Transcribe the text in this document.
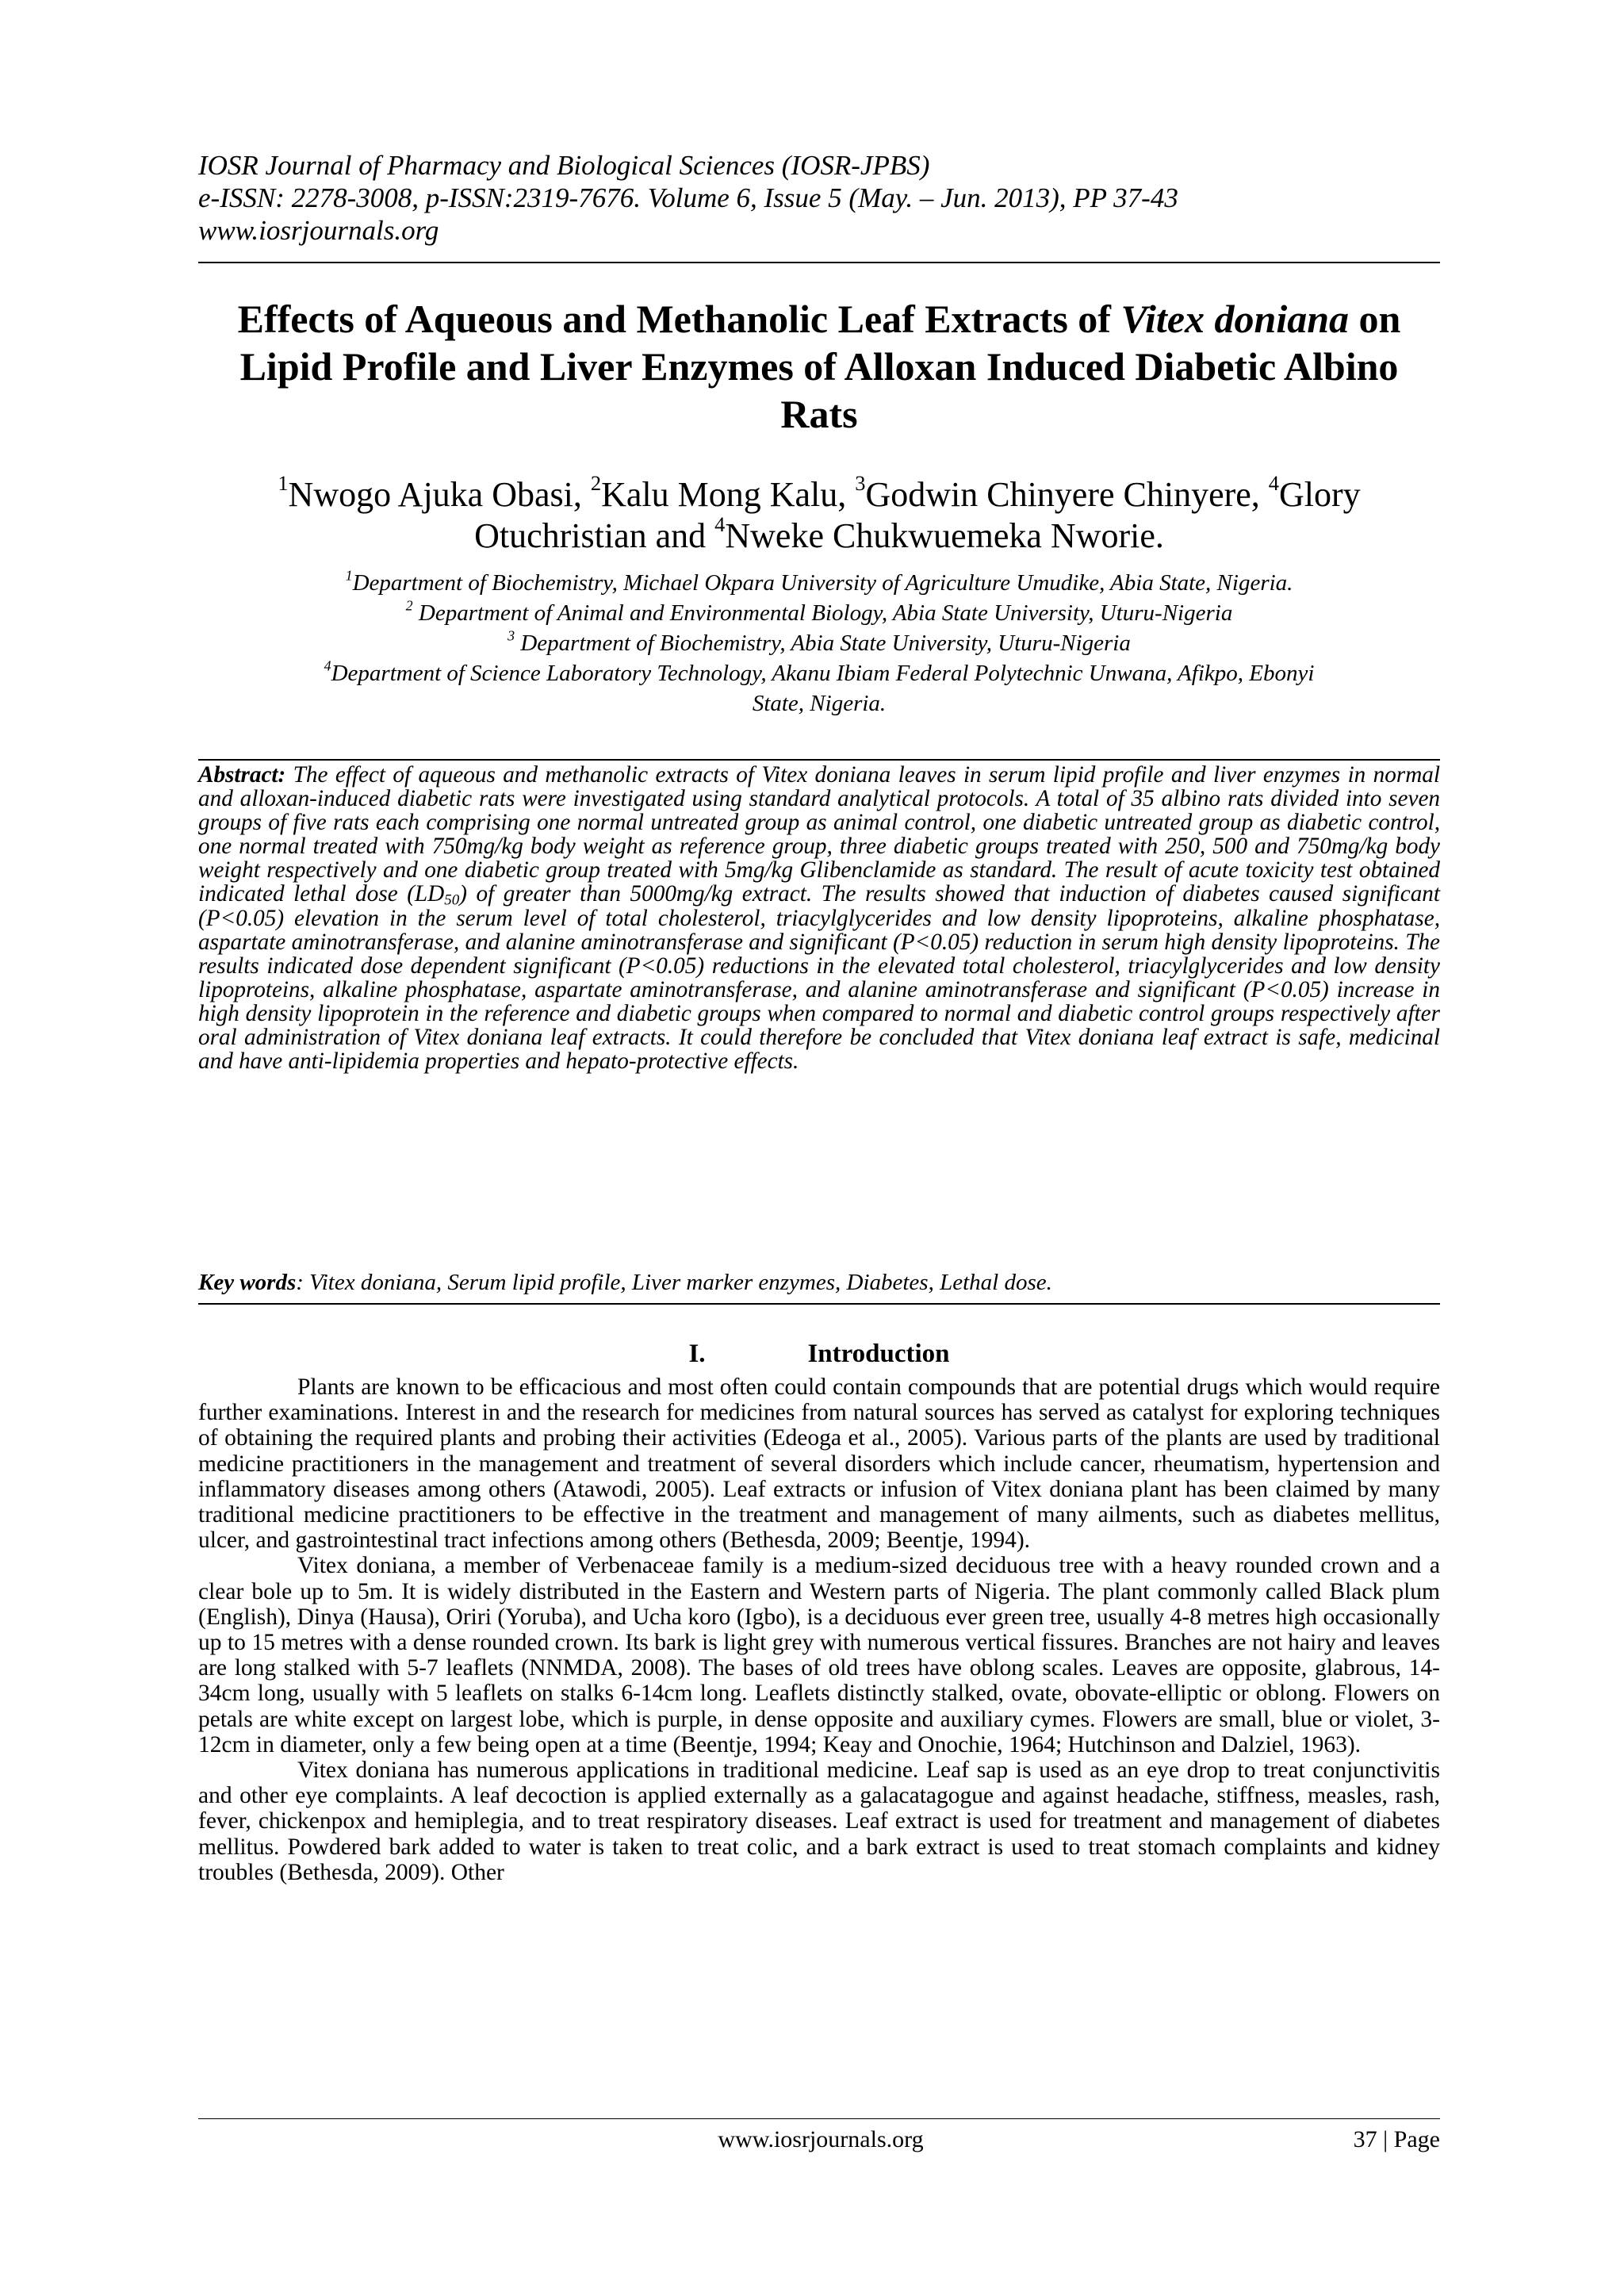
IOSR Journal of Pharmacy and Biological Sciences (IOSR-JPBS)
e-ISSN: 2278-3008, p-ISSN:2319-7676. Volume 6, Issue 5 (May. – Jun. 2013), PP 37-43
www.iosrjournals.org
Effects of Aqueous and Methanolic Leaf Extracts of Vitex doniana on Lipid Profile and Liver Enzymes of Alloxan Induced Diabetic Albino Rats
$^1$Nwogo Ajuka Obasi, $^2$Kalu Mong Kalu, $^3$Godwin Chinyere Chinyere, $^4$Glory Otuchristian and $^4$Nweke Chukwuemeka Nworie.
$^1$Department of Biochemistry, Michael Okpara University of Agriculture Umudike, Abia State, Nigeria.
$^2$ Department of Animal and Environmental Biology, Abia State University, Uturu-Nigeria
$^3$ Department of Biochemistry, Abia State University, Uturu-Nigeria
$^4$Department of Science Laboratory Technology, Akanu Ibiam Federal Polytechnic Unwana, Afikpo, Ebonyi
State, Nigeria.
Abstract: The effect of aqueous and methanolic extracts of Vitex doniana leaves in serum lipid profile and liver enzymes in normal and alloxan-induced diabetic rats were investigated using standard analytical protocols. A total of 35 albino rats divided into seven groups of five rats each comprising one normal untreated group as animal control, one diabetic untreated group as diabetic control, one normal treated with 750mg/kg body weight as reference group, three diabetic groups treated with 250, 500 and 750mg/kg body weight respectively and one diabetic group treated with 5mg/kg Glibenclamide as standard. The result of acute toxicity test obtained indicated lethal dose $(LD_{50})$ of greater than 5000mg/kg extract. The results showed that induction of diabetes caused significant (P<0.05) elevation in the serum level of total cholesterol, triacylglycerides and low density lipoproteins, alkaline phosphatase, aspartate aminotransferase, and alanine aminotransferase and significant (P<0.05) reduction in serum high density lipoproteins. The results indicated dose dependent significant (P<0.05) reductions in the elevated total cholesterol, triacylglycerides and low density lipoproteins, alkaline phosphatase, aspartate aminotransferase, and alanine aminotransferase and significant (P<0.05) increase in high density lipoprotein in the reference and diabetic groups when compared to normal and diabetic control groups respectively after oral administration of Vitex doniana leaf extracts. It could therefore be concluded that Vitex doniana leaf extract is safe, medicinal and have anti-lipidemia properties and hepato-protective effects.
Key words: Vitex doniana, Serum lipid profile, Liver marker enzymes, Diabetes, Lethal dose.
I.	Introduction

Plants are known to be efficacious and most often could contain compounds that are potential drugs which would require further examinations. Interest in and the research for medicines from natural sources has served as catalyst for exploring techniques of obtaining the required plants and probing their activities (Edeoga et al., 2005). Various parts of the plants are used by traditional medicine practitioners in the management and treatment of several disorders which include cancer, rheumatism, hypertension and inflammatory diseases among others (Atawodi, 2005). Leaf extracts or infusion of Vitex doniana plant has been claimed by many traditional medicine practitioners to be effective in the treatment and management of many ailments, such as diabetes mellitus, ulcer, and gastrointestinal tract infections among others (Bethesda, 2009; Beentje, 1994).

Vitex doniana, a member of Verbenaceae family is a medium-sized deciduous tree with a heavy rounded crown and a clear bole up to 5m. It is widely distributed in the Eastern and Western parts of Nigeria. The plant commonly called Black plum (English), Dinya (Hausa), Oriri (Yoruba), and Ucha koro (Igbo), is a deciduous ever green tree, usually 4-8 metres high occasionally up to 15 metres with a dense rounded crown. Its bark is light grey with numerous vertical fissures. Branches are not hairy and leaves are long stalked with 5-7 leaflets (NNMDA, 2008). The bases of old trees have oblong scales. Leaves are opposite, glabrous, 14-34cm long, usually with 5 leaflets on stalks 6-14cm long. Leaflets distinctly stalked, ovate, obovate-elliptic or oblong. Flowers on petals are white except on largest lobe, which is purple, in dense opposite and auxiliary cymes. Flowers are small, blue or violet, 3-12cm in diameter, only a few being open at a time (Beentje, 1994; Keay and Onochie, 1964; Hutchinson and Dalziel, 1963).

Vitex doniana has numerous applications in traditional medicine. Leaf sap is used as an eye drop to treat conjunctivitis and other eye complaints. A leaf decoction is applied externally as a galacatagogue and against headache, stiffness, measles, rash, fever, chickenpox and hemiplegia, and to treat respiratory diseases. Leaf extract is used for treatment and management of diabetes mellitus. Powdered bark added to water is taken to treat colic, and a bark extract is used to treat stomach complaints and kidney troubles (Bethesda, 2009). Other

www.iosrjournals.org	37 | Page
